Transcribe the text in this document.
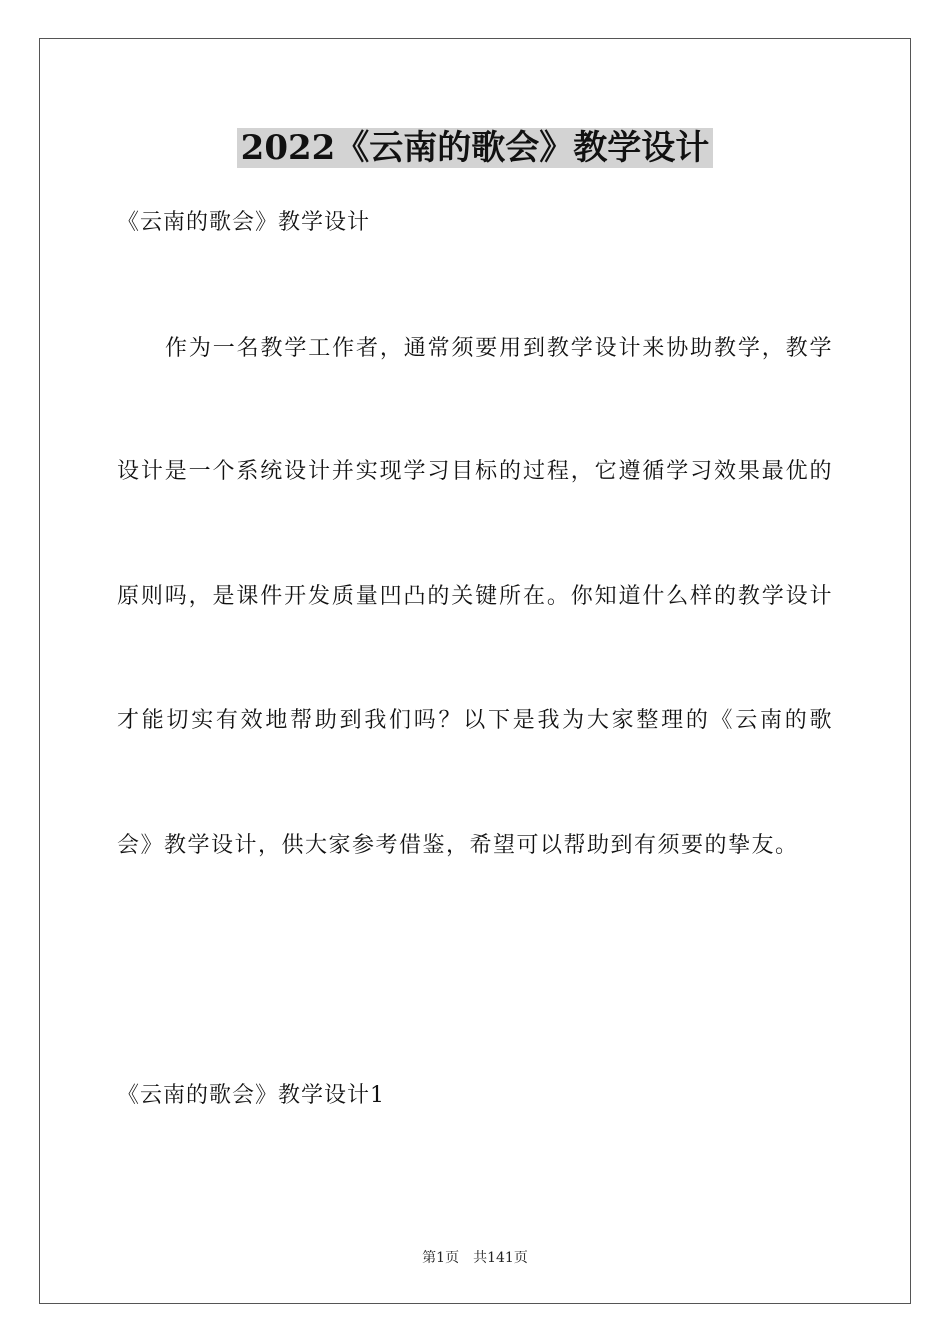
2022《云南的歌会》教学设计
《云南的歌会》教学设计
作为一名教学工作者，通常须要用到教学设计来协助教学，教学
设计是一个系统设计并实现学习目标的过程，它遵循学习效果最优的
原则吗，是课件开发质量凹凸的关键所在。你知道什么样的教学设计
才能切实有效地帮助到我们吗？以下是我为大家整理的《云南的歌
会》教学设计，供大家参考借鉴，希望可以帮助到有须要的挚友。
《云南的歌会》教学设计1
第1页 共141页
